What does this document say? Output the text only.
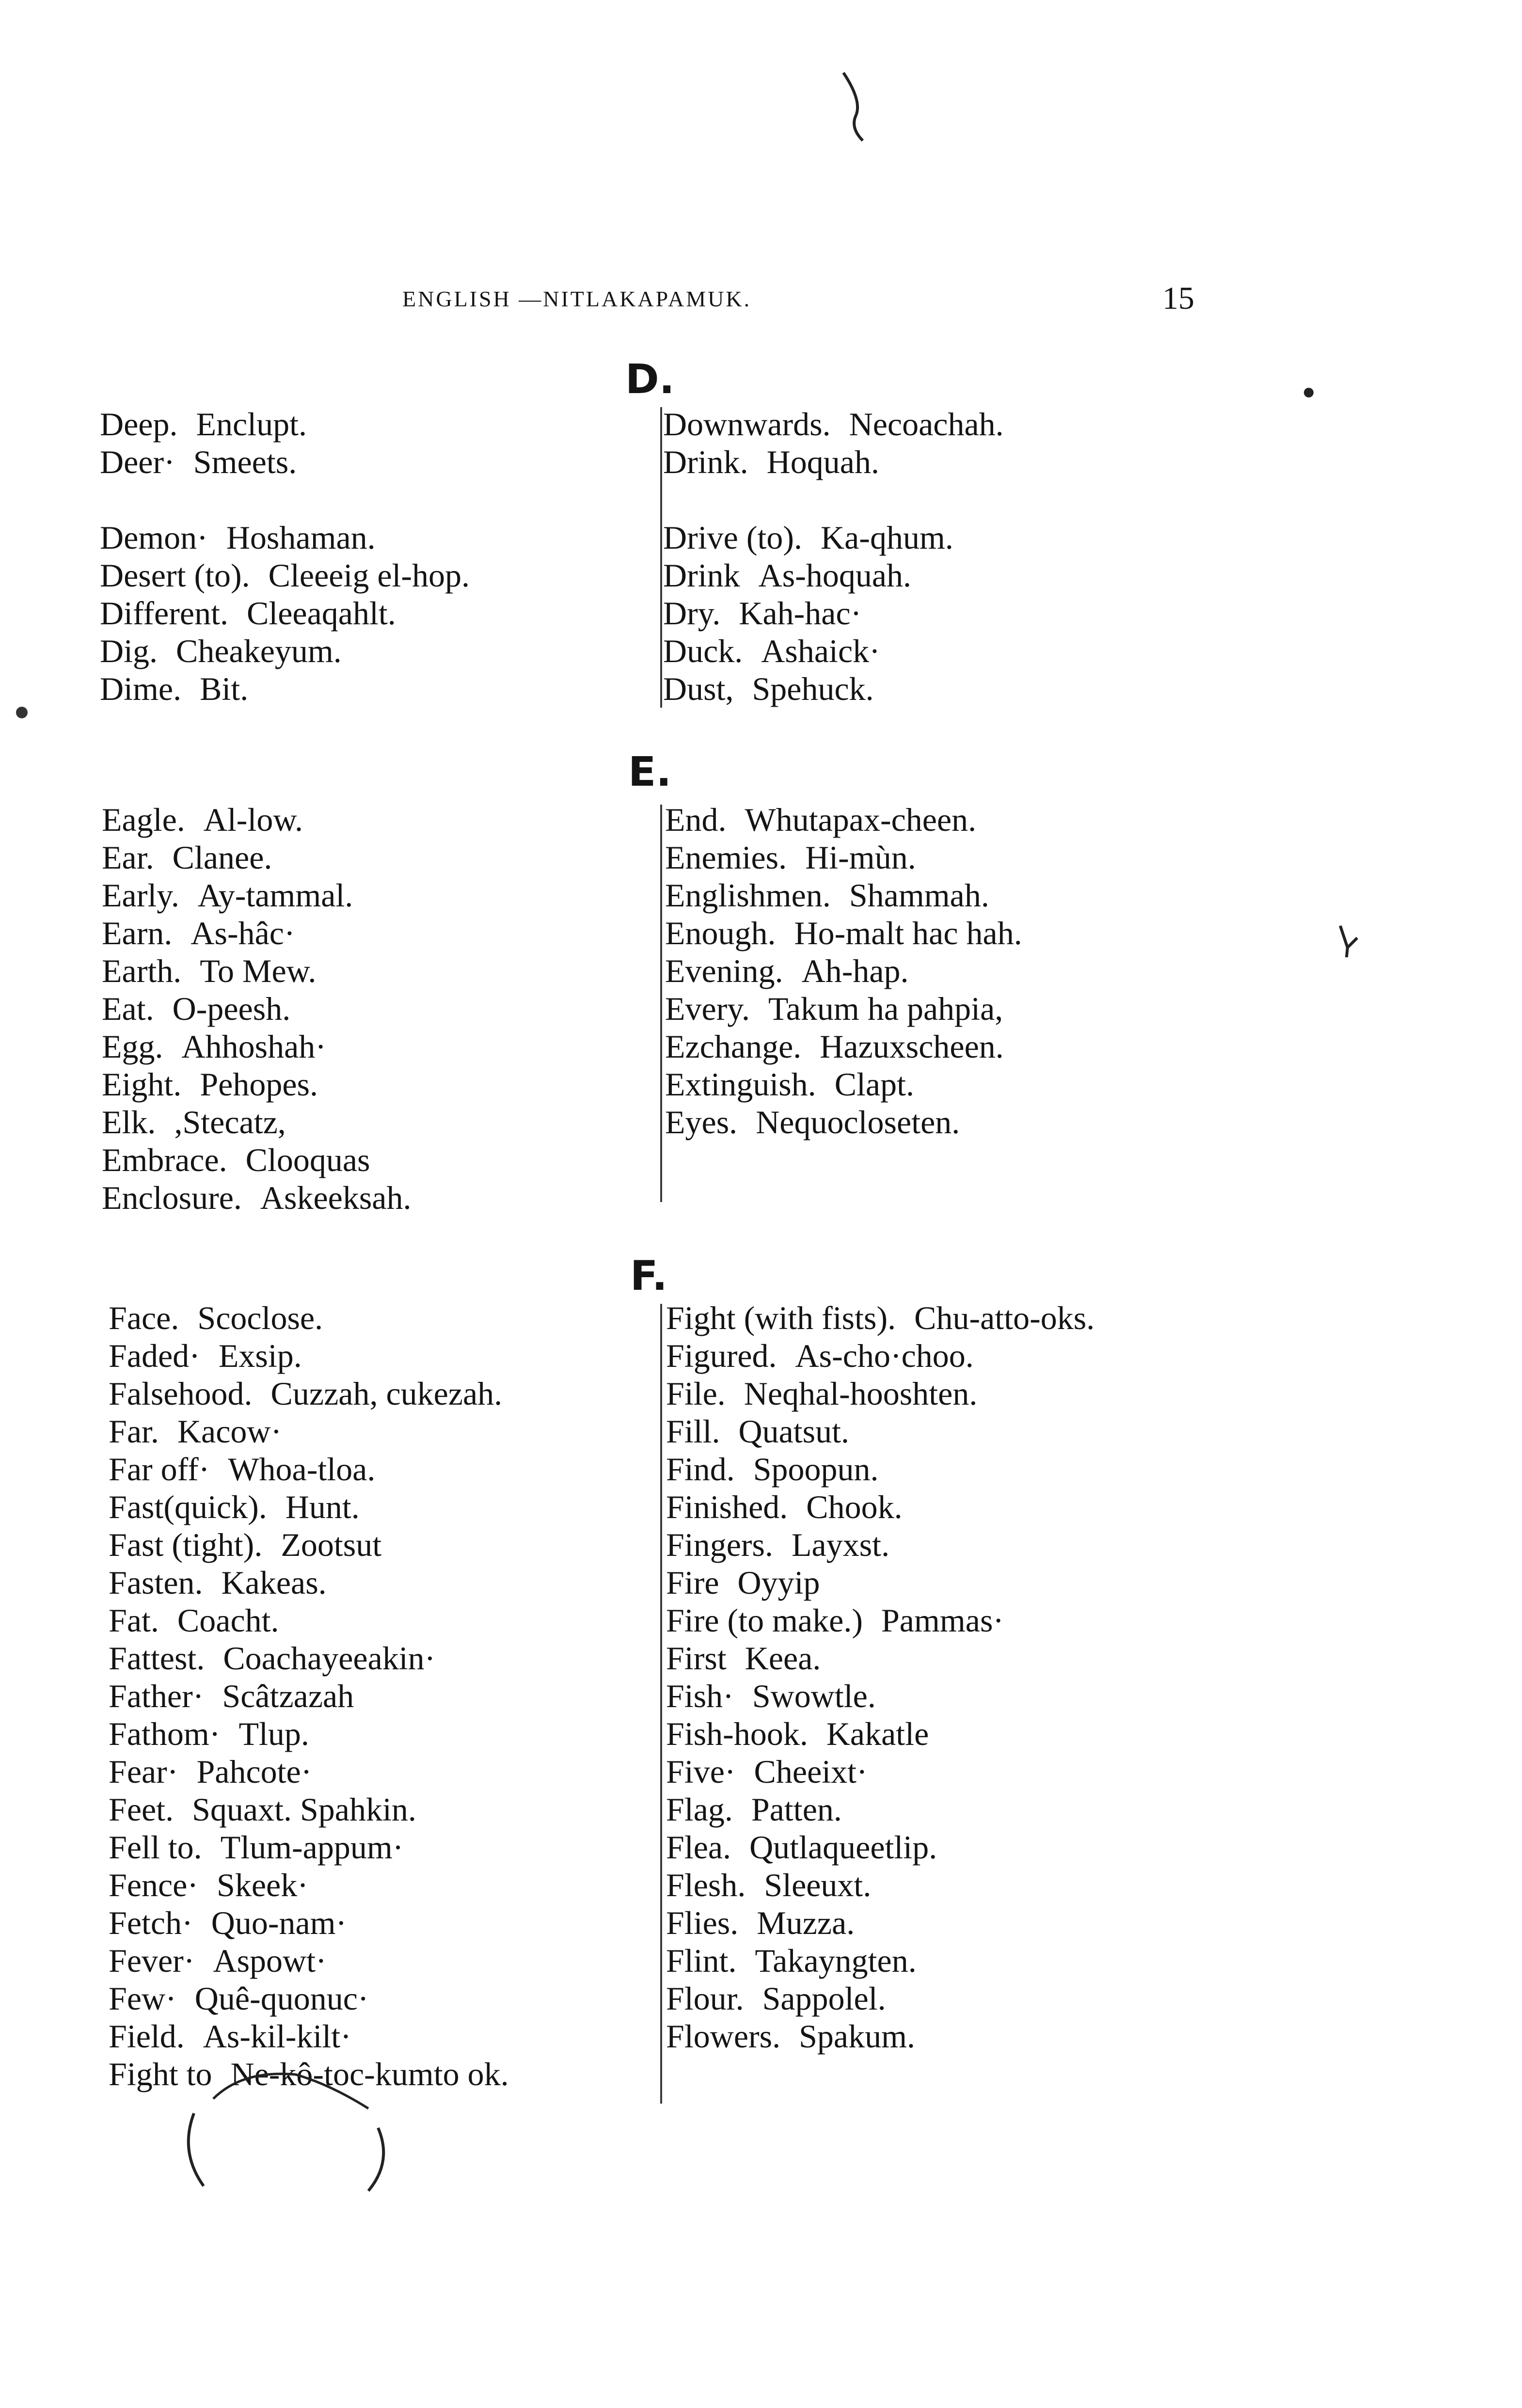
ENGLISH —NITLAKAPAMUK.	15
D.
Deep. Enclupt.
Deer· Smeets.
Demon· Hoshaman.
Desert (to). Cleeeig el-hop.
Different. Cleeaqahlt.
Dig. Cheakeyum.
Dime. Bit.
Downwards. Necoachah.
Drink. Hoquah.
Drive (to). Ka-qhum.
Drink As-hoquah.
Dry. Kah-hac·
Duck. Ashaick·
Dust, Spehuck.
E.
Eagle. Al-low.
Ear. Clanee.
Early. Ay-tammal.
Earn. As-hâc·
Earth. To Mew.
Eat. O-peesh.
Egg. Ahhoshah·
Eight. Pehopes.
Elk. ,Stecatz,
Embrace. Clooquas
Enclosure. Askeeksah.
End. Whutapax-cheen.
Enemies. Hi-mùn.
Englishmen. Shammah.
Enough. Ho-malt hac hah.
Evening. Ah-hap.
Every. Takum ha pahpia,
Ezchange. Hazuxscheen.
Extinguish. Clapt.
Eyes. Nequocloseten.
F.
Face. Scoclose.
Faded· Exsip.
Falsehood. Cuzzah, cukezah.
Far. Kacow·
Far off· Whoa-tloa.
Fast(quick). Hunt.
Fast (tight). Zootsut
Fasten. Kakeas.
Fat. Coacht.
Fattest. Coachayeeakin·
Father· Scâtzazah
Fathom· Tlup.
Fear· Pahcote·
Feet. Squaxt. Spahkin.
Fell to. Tlum-appum·
Fence· Skeek·
Fetch· Quo-nam·
Fever· Aspowt·
Few· Quê-quonuc·
Field. As-kil-kilt·
Fight to Ne-kô-toc-kumto ok.
Fight (with fists). Chu-atto-oks.
Figured. As-cho·choo.
File. Neqhal-hooshten.
Fill. Quatsut.
Find. Spoopun.
Finished. Chook.
Fingers. Layxst.
Fire Oyyip
Fire (to make.) Pammas·
First Keea.
Fish· Swowtle.
Fish-hook. Kakatle
Five· Cheeixt·
Flag. Patten.
Flea. Qutlaqueetlip.
Flesh. Sleeuxt.
Flies. Muzza.
Flint. Takayngten.
Flour. Sappolel.
Flowers. Spakum.
